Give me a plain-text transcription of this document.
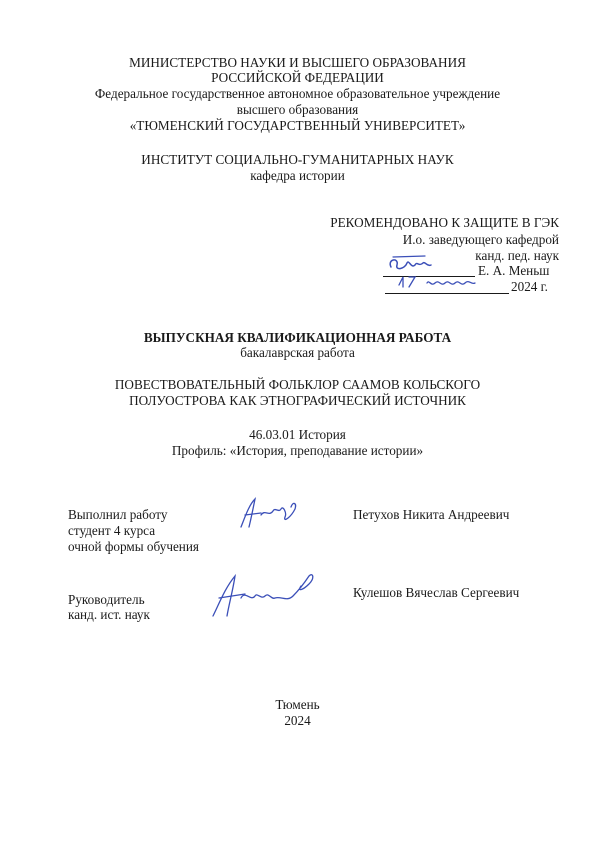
МИНИСТЕРСТВО НАУКИ И ВЫСШЕГО ОБРАЗОВАНИЯ
РОССИЙСКОЙ ФЕДЕРАЦИИ
Федеральное государственное автономное образовательное учреждение
высшего образования
«ТЮМЕНСКИЙ ГОСУДАРСТВЕННЫЙ УНИВЕРСИТЕТ»
ИНСТИТУТ СОЦИАЛЬНО-ГУМАНИТАРНЫХ НАУК
кафедра истории
РЕКОМЕНДОВАНО К ЗАЩИТЕ В ГЭК
И.о. заведующего кафедрой
канд. пед. наук
Е. А. Меньш
2024 г.
ВЫПУСКНАЯ КВАЛИФИКАЦИОННАЯ РАБОТА
бакалаврская работа
ПОВЕСТВОВАТЕЛЬНЫЙ ФОЛЬКЛОР СААМОВ КОЛЬСКОГО
ПОЛУОСТРОВА КАК ЭТНОГРАФИЧЕСКИЙ ИСТОЧНИК
46.03.01 История
Профиль: «История, преподавание истории»
Выполнил работу
студент 4 курса
очной формы обучения
Петухов Никита Андреевич
Руководитель
канд. ист. наук
Кулешов Вячеслав Сергеевич
Тюмень
2024
